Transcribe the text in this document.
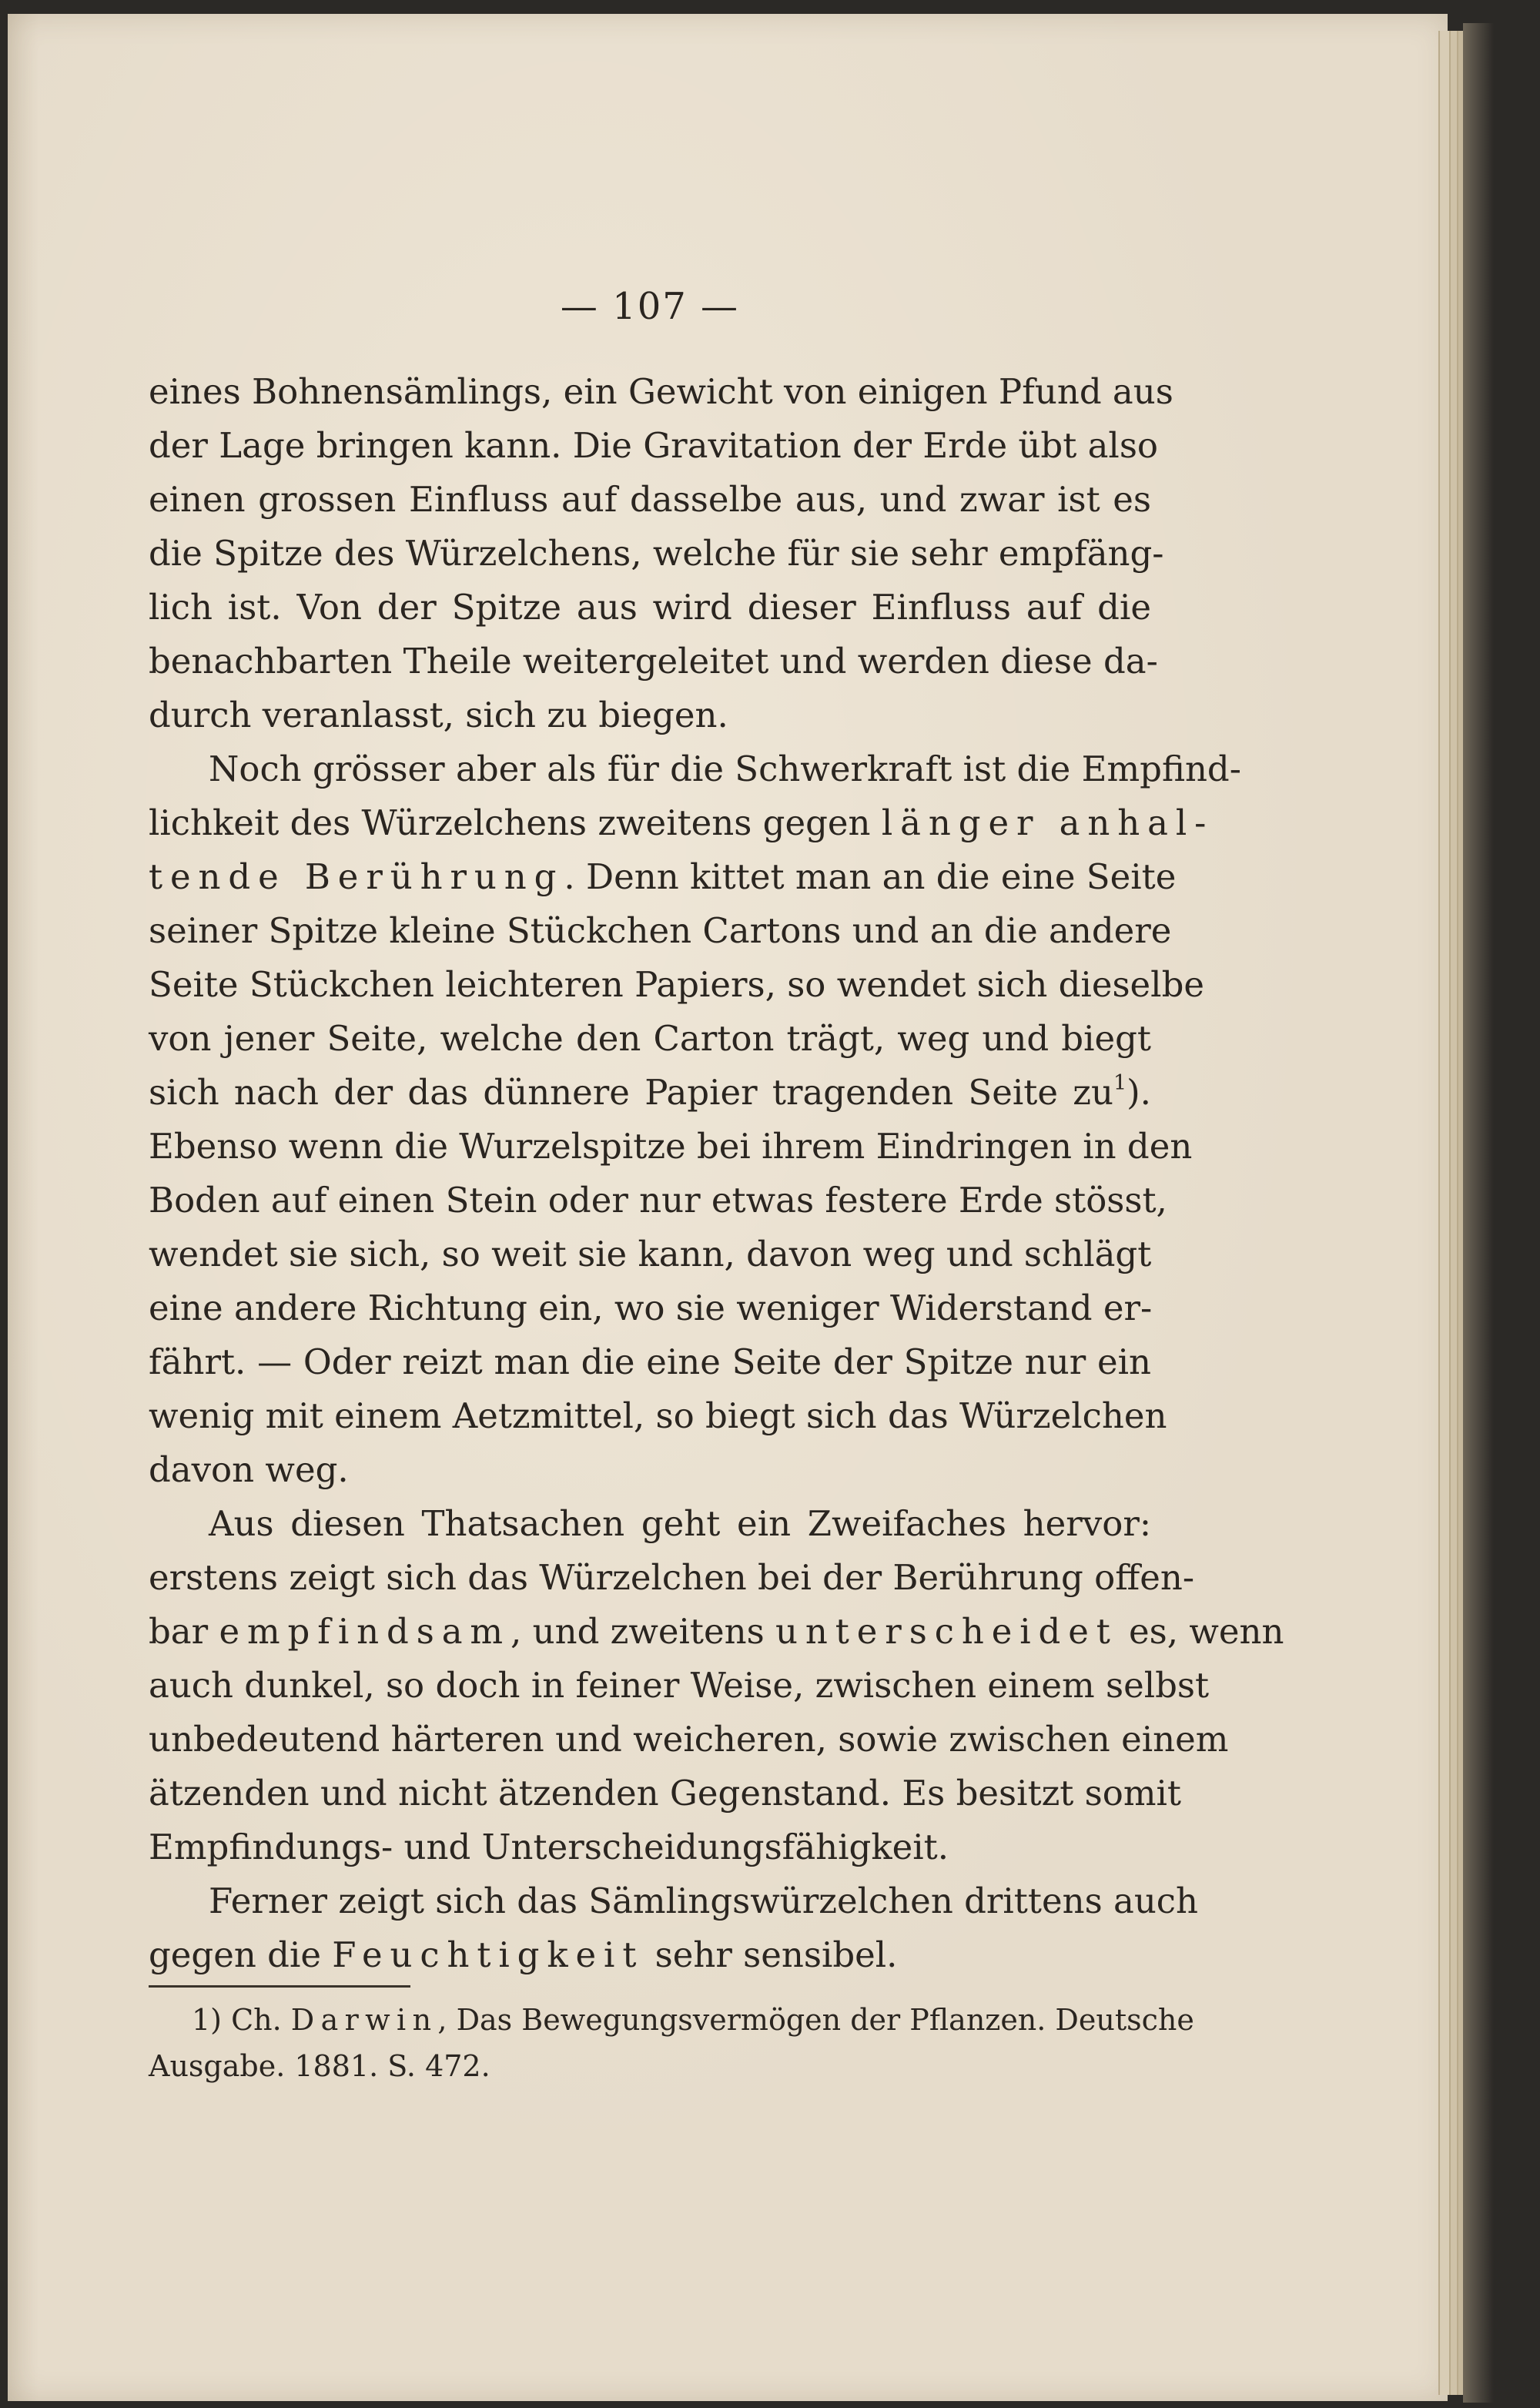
— 107 —
eines Bohnensämlings, ein Gewicht von einigen Pfund aus
der Lage bringen kann. Die Gravitation der Erde übt also
einen grossen Einfluss auf dasselbe aus, und zwar ist es
die Spitze des Würzelchens, welche für sie sehr empfäng-
lich ist. Von der Spitze aus wird dieser Einfluss auf die
benachbarten Theile weitergeleitet und werden diese da-
durch veranlasst, sich zu biegen.
Noch grösser aber als für die Schwerkraft ist die Empfind-
lichkeit des Würzelchens zweitens gegen länger anhal-
tende Berührung. Denn kittet man an die eine Seite
seiner Spitze kleine Stückchen Cartons und an die andere
Seite Stückchen leichteren Papiers, so wendet sich dieselbe
von jener Seite, welche den Carton trägt, weg und biegt
sich nach der das dünnere Papier tragenden Seite $zu^1$).
Ebenso wenn die Wurzelspitze bei ihrem Eindringen in den
Boden auf einen Stein oder nur etwas festere Erde stösst,
wendet sie sich, so weit sie kann, davon weg und schlägt
eine andere Richtung ein, wo sie weniger Widerstand er-
fährt. — Oder reizt man die eine Seite der Spitze nur ein
wenig mit einem Aetzmittel, so biegt sich das Würzelchen
davon weg.
Aus diesen Thatsachen geht ein Zweifaches hervor:
erstens zeigt sich das Würzelchen bei der Berührung offen-
bar empfindsam, und zweitens unterscheidet es, wenn
auch dunkel, so doch in feiner Weise, zwischen einem selbst
unbedeutend härteren und weicheren, sowie zwischen einem
ätzenden und nicht ätzenden Gegenstand. Es besitzt somit
Empfindungs- und Unterscheidungsfähigkeit.
Ferner zeigt sich das Sämlingswürzelchen drittens auch
gegen die Feuchtigkeit sehr sensibel.
1) Ch. Darwin, Das Bewegungsvermögen der Pflanzen. Deutsche
Ausgabe. 1881. S. 472.
